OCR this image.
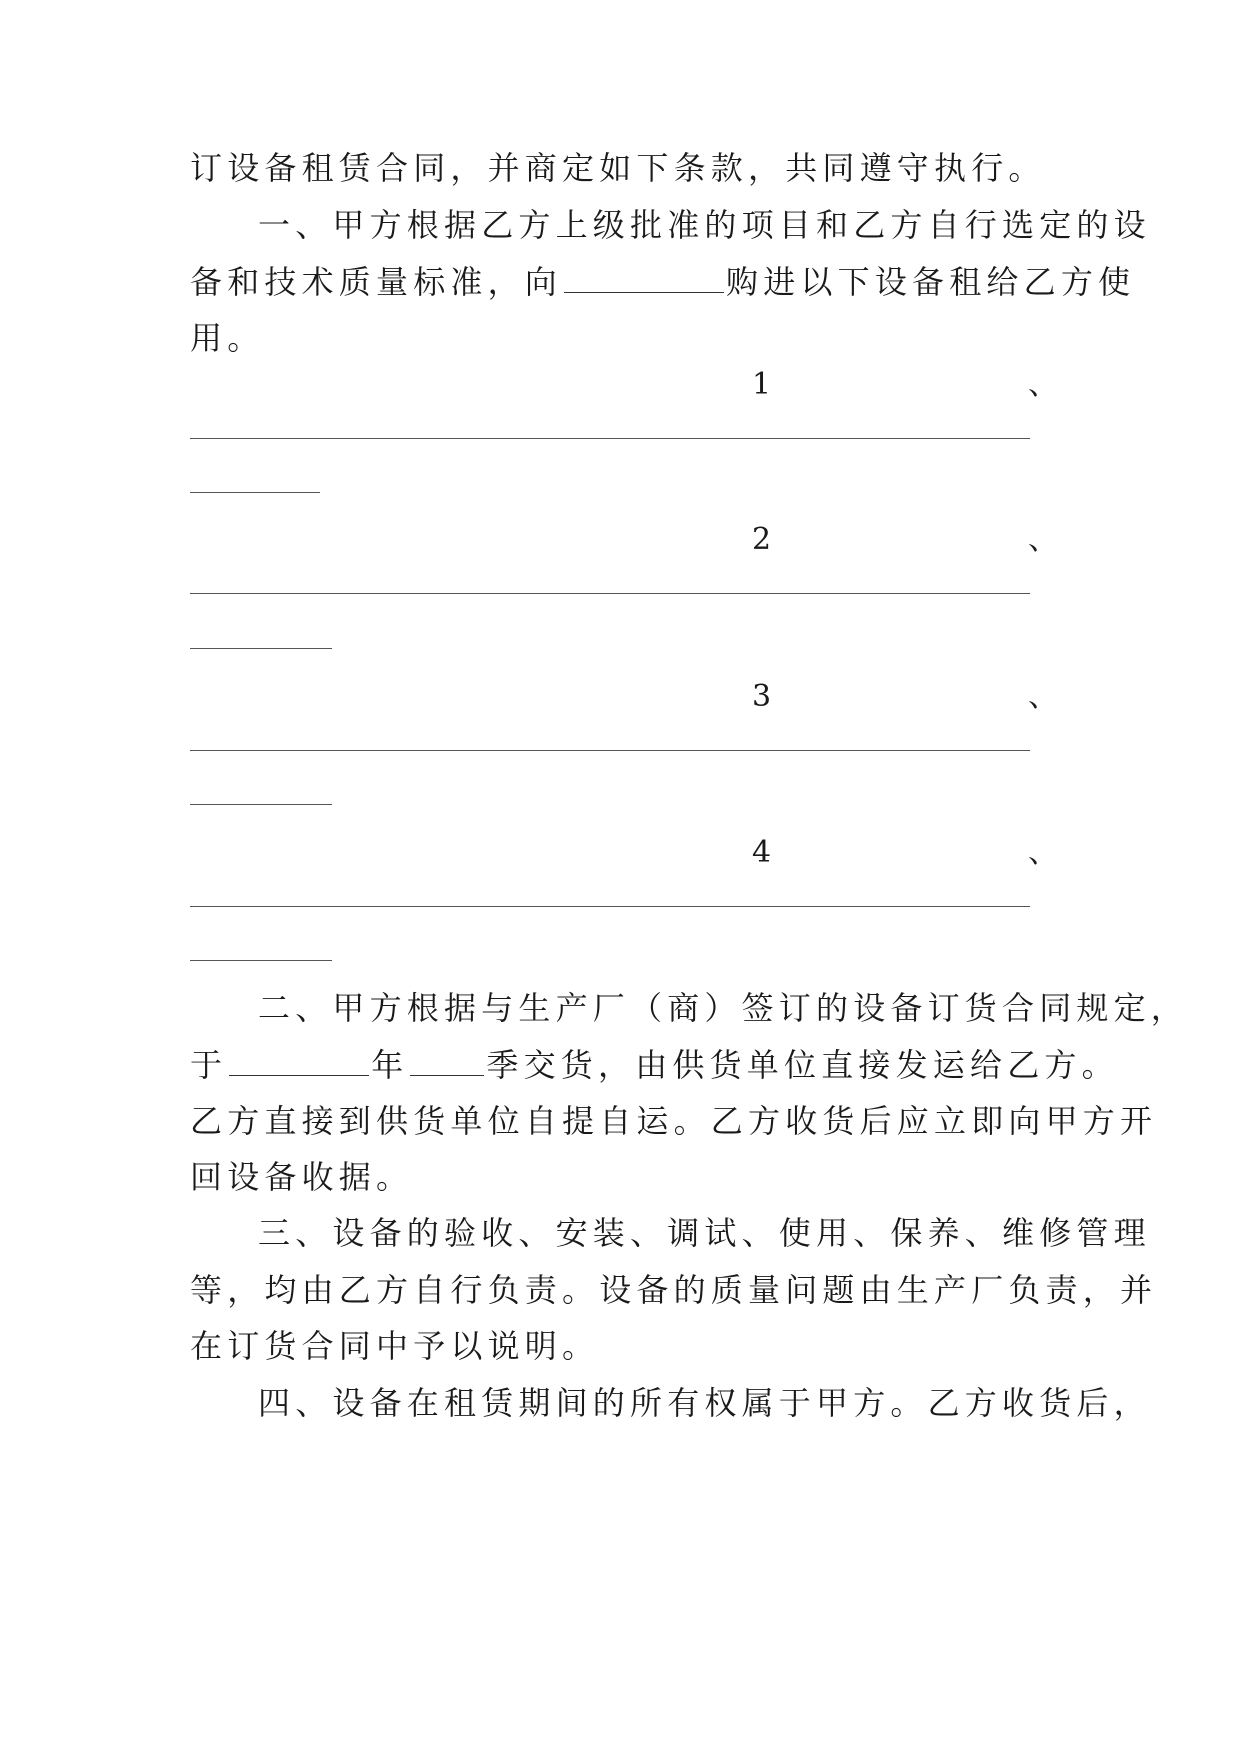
订设备租赁合同，并商定如下条款，共同遵守执行。
一、甲方根据乙方上级批准的项目和乙方自行选定的设
备和技术质量标准，向	购进以下设备租给乙方使
用。
1	、
2	、
3	、
4	、
二、甲方根据与生产厂（商）签订的设备订货合同规定，
于	年 季交货，由供货单位直接发运给乙方。
乙方直接到供货单位自提自运。乙方收货后应立即向甲方开
回设备收据。
三、设备的验收、安装、调试、使用、保养、维修管理
等，均由乙方自行负责。设备的质量问题由生产厂负责，并
在订货合同中予以说明。
四、设备在租赁期间的所有权属于甲方。乙方收货后，
